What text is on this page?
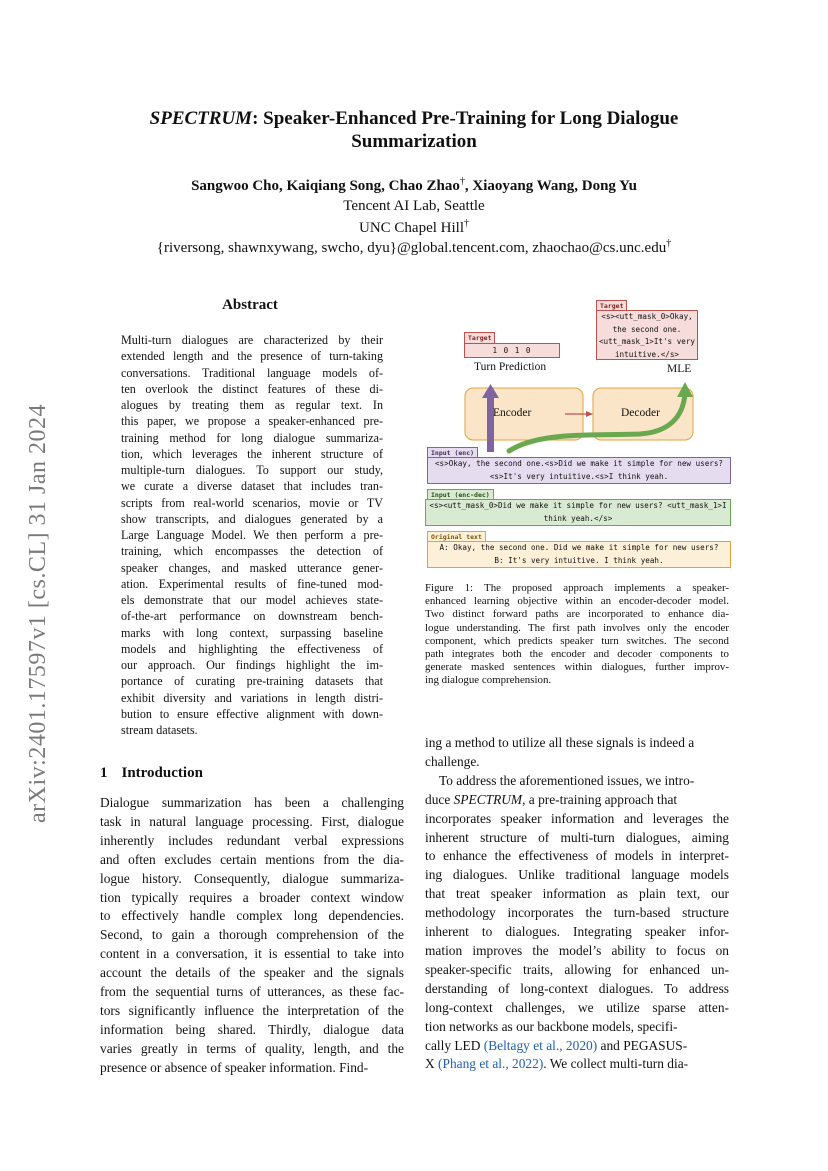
arXiv:2401.17597v1 [cs.CL] 31 Jan 2024
SPECTRUM: Speaker-Enhanced Pre-Training for Long Dialogue
Summarization
Sangwoo Cho, Kaiqiang Song, Chao Zhao†, Xiaoyang Wang, Dong Yu
Tencent AI Lab, Seattle
UNC Chapel Hill†
{riversong, shawnxywang, swcho, dyu}@global.tencent.com, zhaochao@cs.unc.edu†
Abstract
Multi-turn dialogues are characterized by their
extended length and the presence of turn-taking
conversations. Traditional language models of-
ten overlook the distinct features of these di-
alogues by treating them as regular text. In
this paper, we propose a speaker-enhanced pre-
training method for long dialogue summariza-
tion, which leverages the inherent structure of
multiple-turn dialogues. To support our study,
we curate a diverse dataset that includes tran-
scripts from real-world scenarios, movie or TV
show transcripts, and dialogues generated by a
Large Language Model. We then perform a pre-
training, which encompasses the detection of
speaker changes, and masked utterance gener-
ation. Experimental results of fine-tuned mod-
els demonstrate that our model achieves state-
of-the-art performance on downstream bench-
marks with long context, surpassing baseline
models and highlighting the effectiveness of
our approach. Our findings highlight the im-
portance of curating pre-training datasets that
exhibit diversity and variations in length distri-
bution to ensure effective alignment with down-
stream datasets.
1 Introduction
Dialogue summarization has been a challenging
task in natural language processing. First, dialogue
inherently includes redundant verbal expressions
and often excludes certain mentions from the dia-
logue history. Consequently, dialogue summariza-
tion typically requires a broader context window
to effectively handle complex long dependencies.
Second, to gain a thorough comprehension of the
content in a conversation, it is essential to take into
account the details of the speaker and the signals
from the sequential turns of utterances, as these fac-
tors significantly influence the interpretation of the
information being shared. Thirdly, dialogue data
varies greatly in terms of quality, length, and the
presence or absence of speaker information. Find-
ing a method to utilize all these signals is indeed a
challenge.
To address the aforementioned issues, we intro-
duce SPECTRUM, a pre-training approach that
incorporates speaker information and leverages the
inherent structure of multi-turn dialogues, aiming
to enhance the effectiveness of models in interpret-
ing dialogues. Unlike traditional language models
that treat speaker information as plain text, our
methodology incorporates the turn-based structure
inherent to dialogues. Integrating speaker infor-
mation improves the model’s ability to focus on
speaker-specific traits, allowing for enhanced un-
derstanding of long-context dialogues. To address
long-context challenges, we utilize sparse atten-
tion networks as our backbone models, specifi-
cally LED (Beltagy et al., 2020) and PEGASUS-
X (Phang et al., 2022). We collect multi-turn dia-
Target
1 0 1 0
Turn Prediction
Target
<s><utt_mask_0>Okay,
the second one.
<utt_mask_1>It's very
intuitive.</s>
MLE
Encoder	Decoder
Input (enc)
<s>Okay, the second one.<s>Did we make it simple for new users?
<s>It's very intuitive.<s>I think yeah.
Input (enc-dec)
<s><utt_mask_0>Did we make it simple for new users? <utt_mask_1>I
think yeah.</s>
Original text
A: Okay, the second one. Did we make it simple for new users?
B: It's very intuitive. I think yeah.
Figure 1: The proposed approach implements a speaker-
enhanced learning objective within an encoder-decoder model.
Two distinct forward paths are incorporated to enhance dia-
logue understanding. The first path involves only the encoder
component, which predicts speaker turn switches. The second
path integrates both the encoder and decoder components to
generate masked sentences within dialogues, further improv-
ing dialogue comprehension.
